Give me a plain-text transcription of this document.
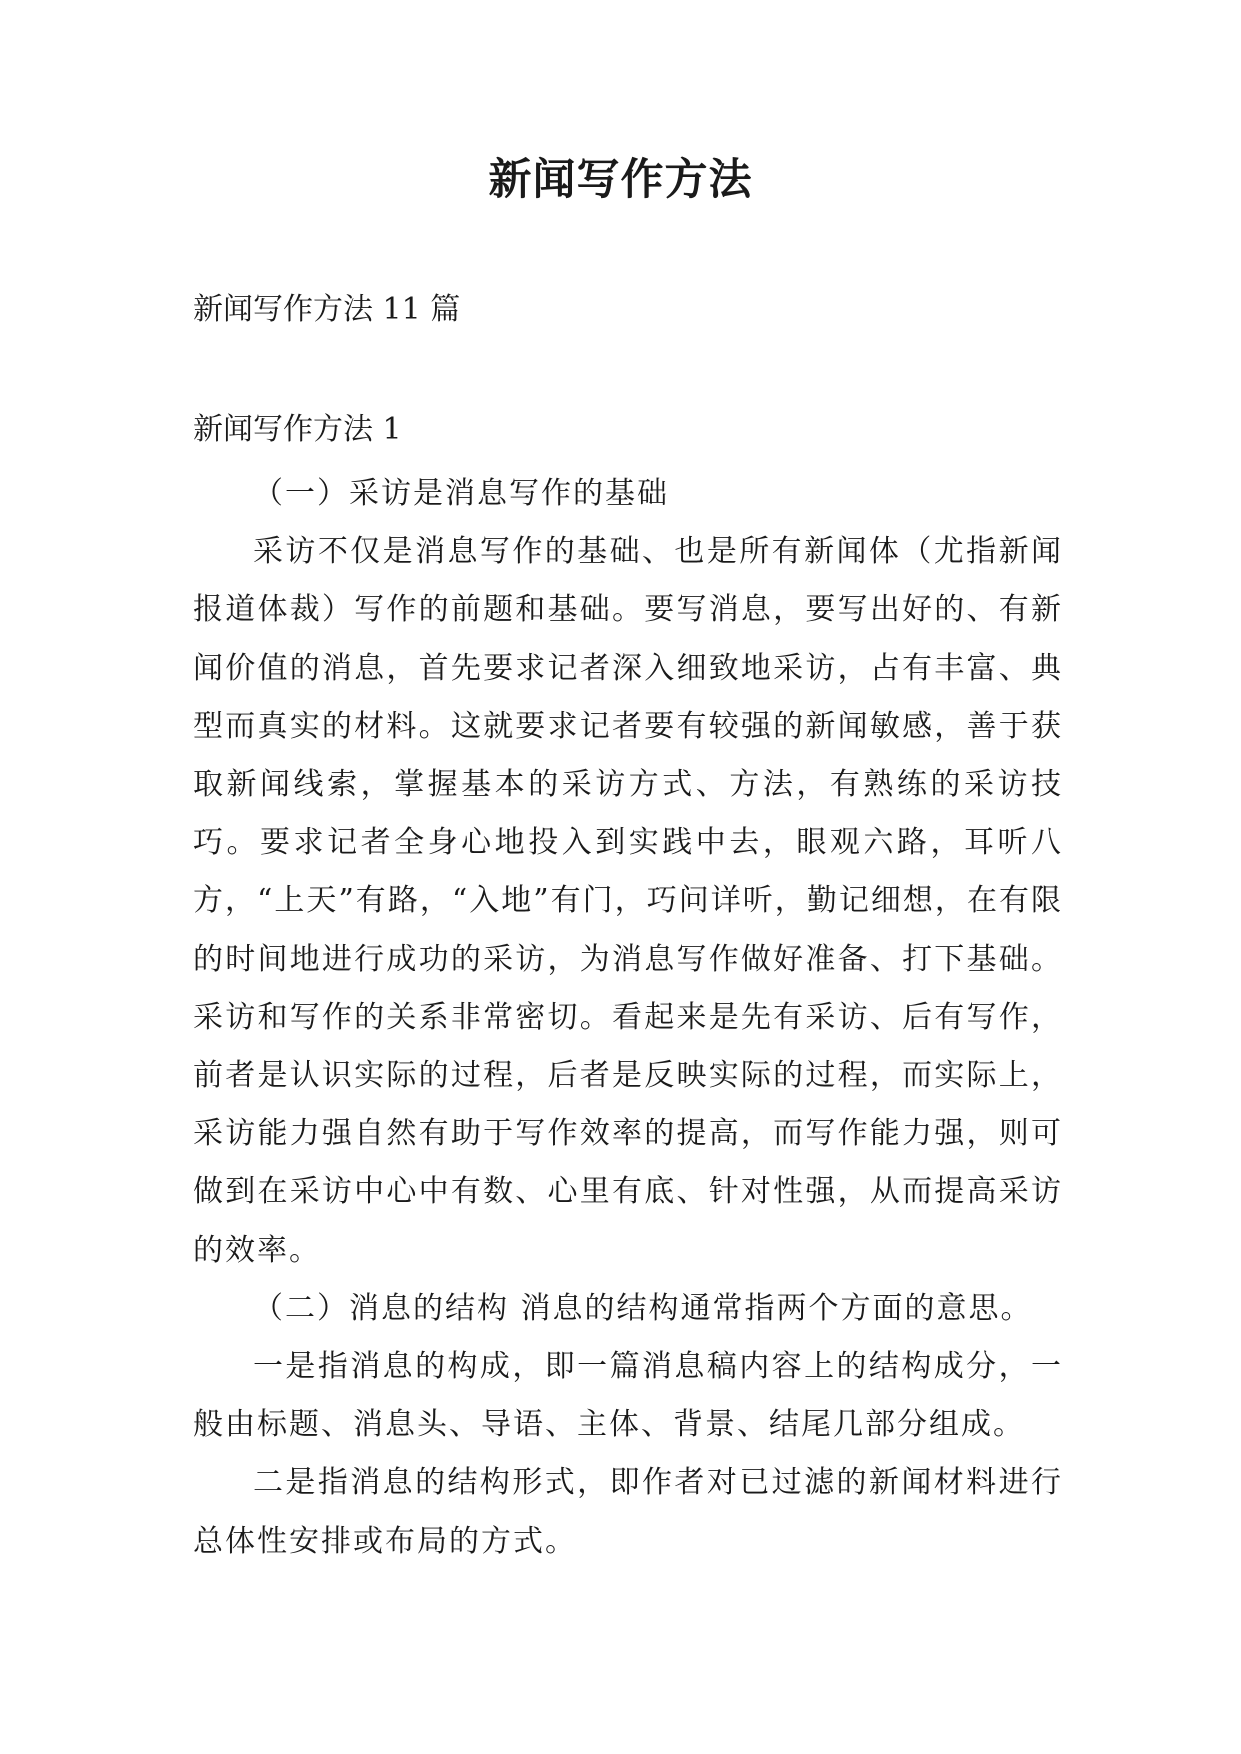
新闻写作方法
新闻写作方法 11 篇
新闻写作方法 1

（一）采访是消息写作的基础

采访不仅是消息写作的基础、也是所有新闻体（尤指新闻报道体裁）写作的前题和基础。要写消息，要写出好的、有新闻价值的消息，首先要求记者深入细致地采访，占有丰富、典型而真实的材料。这就要求记者要有较强的新闻敏感，善于获取新闻线索，掌握基本的采访方式、方法，有熟练的采访技巧。要求记者全身心地投入到实践中去，眼观六路，耳听八方，“上天”有路，“入地”有门，巧问详听，勤记细想，在有限的时间地进行成功的采访，为消息写作做好准备、打下基础。 采访和写作的关系非常密切。看起来是先有采访、后有写作，前者是认识实际的过程，后者是反映实际的过程，而实际上，采访能力强自然有助于写作效率的提高，而写作能力强，则可做到在采访中心中有数、心里有底、针对性强，从而提高采访的效率。

（二）消息的结构 消息的结构通常指两个方面的意思。

一是指消息的构成，即一篇消息稿内容上的结构成分，一般由标题、消息头、导语、主体、背景、结尾几部分组成。

二是指消息的结构形式，即作者对已过滤的新闻材料进行总体性安排或布局的方式。
